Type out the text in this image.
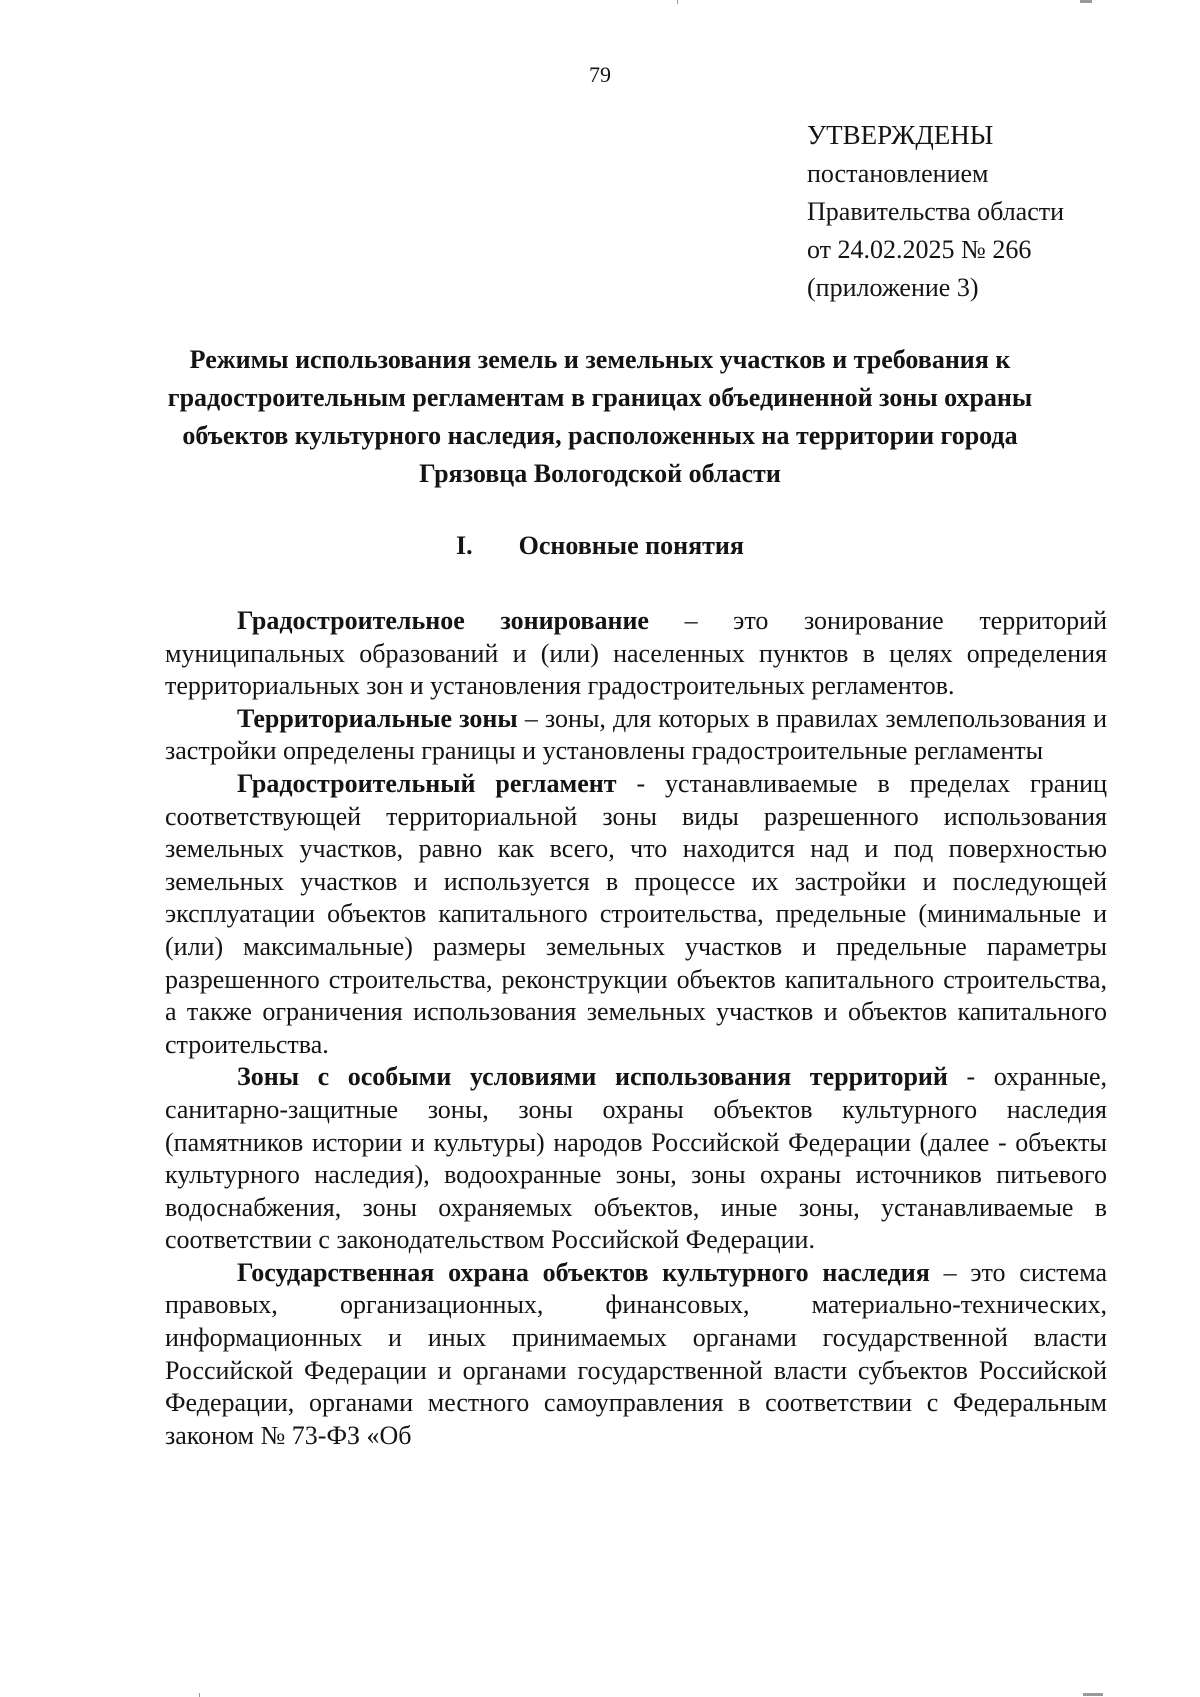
79
УТВЕРЖДЕНЫ
постановлением
Правительства области
от 24.02.2025 № 266
(приложение 3)
Режимы использования земель и земельных участков и требования к градостроительным регламентам в границах объединенной зоны охраны объектов культурного наследия, расположенных на территории города Грязовца Вологодской области
I. Основные понятия

Градостроительное зонирование – это зонирование территорий муниципальных образований и (или) населенных пунктов в целях определения территориальных зон и установления градостроительных регламентов.

Территориальные зоны – зоны, для которых в правилах землепользования и застройки определены границы и установлены градостроительные регламенты

Градостроительный регламент - устанавливаемые в пределах границ соответствующей территориальной зоны виды разрешенного использования земельных участков, равно как всего, что находится над и под поверхностью земельных участков и используется в процессе их застройки и последующей эксплуатации объектов капитального строительства, предельные (минимальные и (или) максимальные) размеры земельных участков и предельные параметры разрешенного строительства, реконструкции объектов капитального строительства, а также ограничения использования земельных участков и объектов капитального строительства.

Зоны с особыми условиями использования территорий - охранные, санитарно-защитные зоны, зоны охраны объектов культурного наследия (памятников истории и культуры) народов Российской Федерации (далее - объекты культурного наследия), водоохранные зоны, зоны охраны источников питьевого водоснабжения, зоны охраняемых объектов, иные зоны, устанавливаемые в соответствии с законодательством Российской Федерации.

Государственная охрана объектов культурного наследия – это система правовых, организационных, финансовых, материально-технических, информационных и иных принимаемых органами государственной власти Российской Федерации и органами государственной власти субъектов Российской Федерации, органами местного самоуправления в соответствии с Федеральным законом № 73-ФЗ «Об
